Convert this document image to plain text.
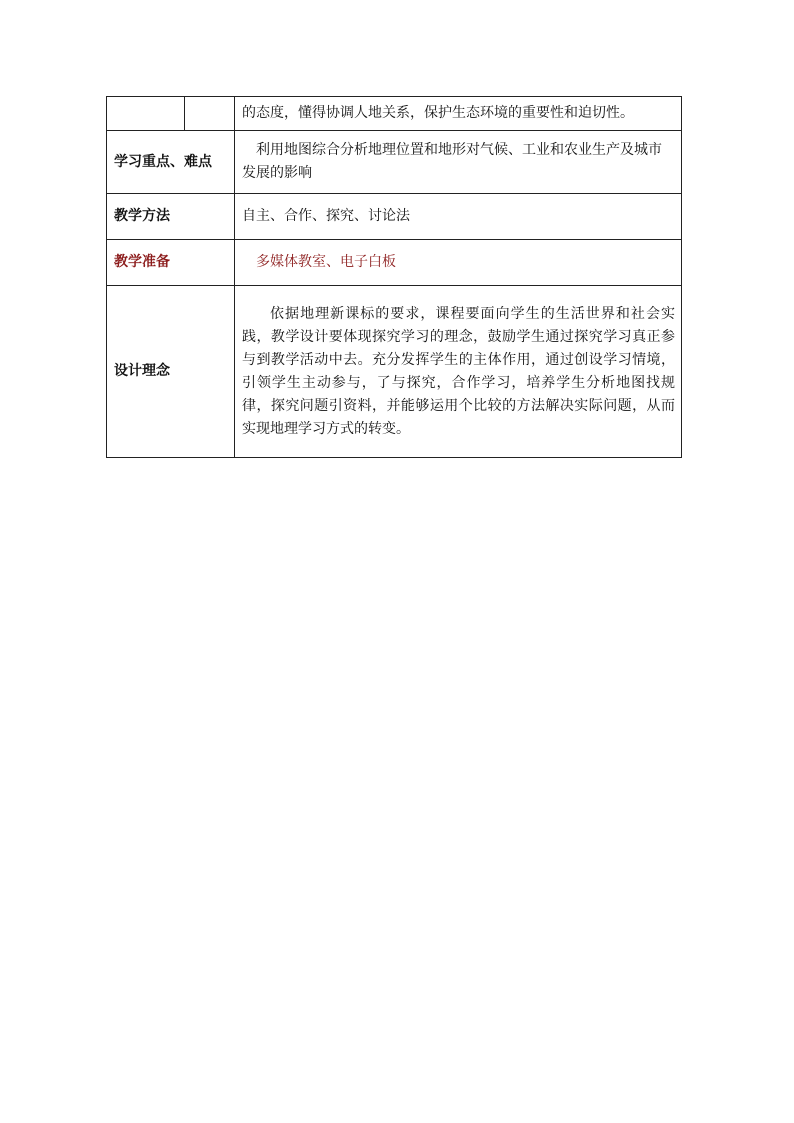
		的态度，懂得协调人地关系，保护生态环境的重要性和迫切性。
学习重点、难点		利用地图综合分析地理位置和地形对气候、工业和农业生产及城市发展的影响
教学方法		自主、合作、探究、讨论法
教学准备		多媒体教室、电子白板
设计理念		依据地理新课标的要求，课程要面向学生的生活世界和社会实践，教学设计要体现探究学习的理念，鼓励学生通过探究学习真正参与到教学活动中去。充分发挥学生的主体作用，通过创设学习情境，引领学生主动参与，了与探究，合作学习，培养学生分析地图找规律，探究问题引资料，并能够运用个比较的方法解决实际问题，从而实现地理学习方式的转变。
